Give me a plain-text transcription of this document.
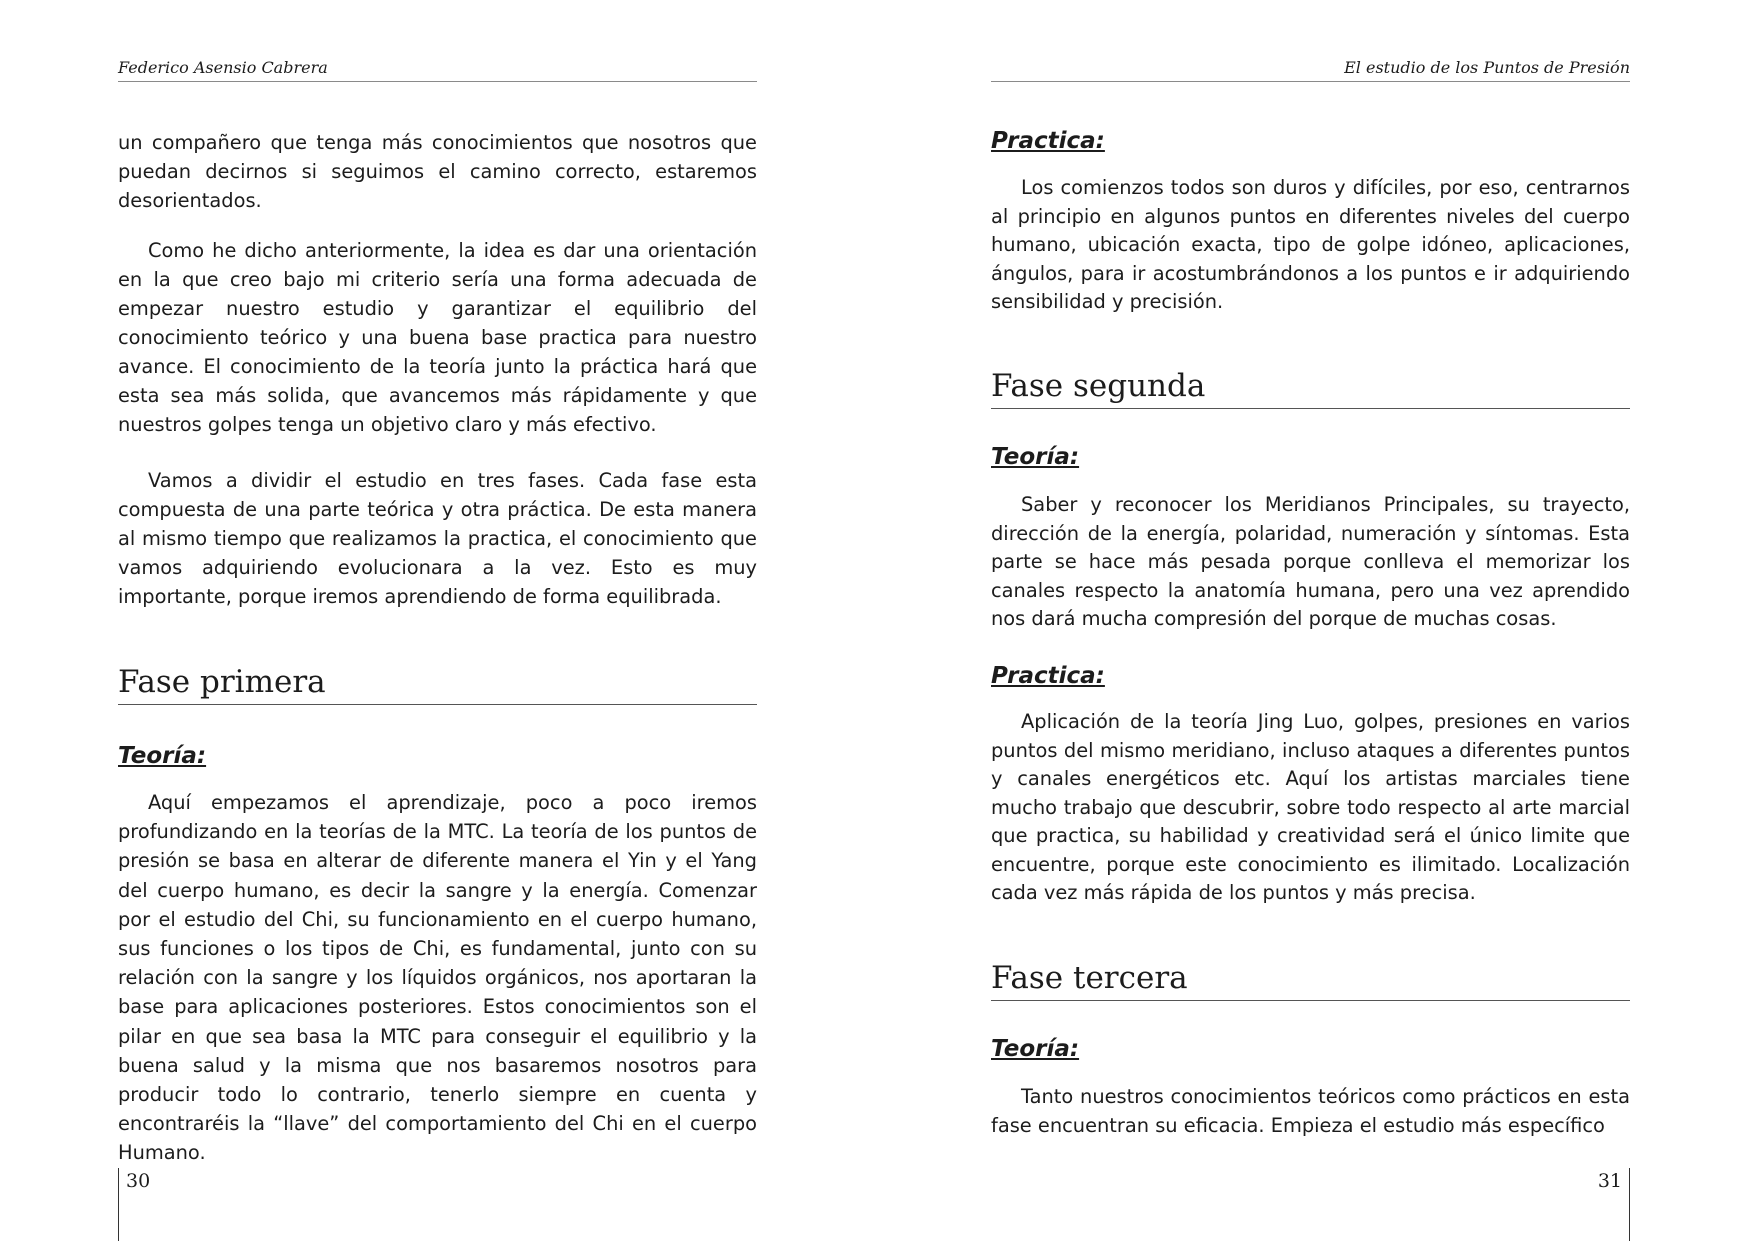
Federico Asensio Cabrera

un compañero que tenga más conocimientos que nosotros que puedan decirnos si seguimos el camino correcto, estaremos desorientados.

Como he dicho anteriormente, la idea es dar una orientación en la que creo bajo mi criterio sería una forma adecuada de empezar nuestro estudio y garantizar el equilibrio del conocimiento teórico y una buena base practica para nuestro avance. El conocimiento de la teoría junto la práctica hará que esta sea más solida, que avancemos más rápidamente y que nuestros golpes tenga un objetivo claro y más efectivo.

Vamos a dividir el estudio en tres fases. Cada fase esta compuesta de una parte teórica y otra práctica. De esta manera al mismo tiempo que realizamos la practica, el conocimiento que vamos adquiriendo evolucionara a la vez. Esto es muy importante, porque iremos aprendiendo de forma equilibrada.

Fase primera
Teoría:

Aquí empezamos el aprendizaje, poco a poco iremos profundizando en la teorías de la MTC. La teoría de los puntos de presión se basa en alterar de diferente manera el Yin y el Yang del cuerpo humano, es decir la sangre y la energía. Comenzar por el estudio del Chi, su funcionamiento en el cuerpo humano, sus funciones o los tipos de Chi, es fundamental, junto con su relación con la sangre y los líquidos orgánicos, nos aportaran la base para aplicaciones posteriores. Estos conocimientos son el pilar en que sea basa la MTC para conseguir el equilibrio y la buena salud y la misma que nos basaremos nosotros para producir todo lo contrario, tenerlo siempre en cuenta y encontraréis la “llave” del comportamiento del Chi en el cuerpo Humano.

30
El estudio de los Puntos de Presión
Practica:

Los comienzos todos son duros y difíciles, por eso, centrarnos al principio en algunos puntos en diferentes niveles del cuerpo humano, ubicación exacta, tipo de golpe idóneo, aplicaciones, ángulos, para ir acostumbrándonos a los puntos e ir adquiriendo sensibilidad y precisión.

Fase segunda
Teoría:

Saber y reconocer los Meridianos Principales, su trayecto, dirección de la energía, polaridad, numeración y síntomas. Esta parte se hace más pesada porque conlleva el memorizar los canales respecto la anatomía humana, pero una vez aprendido nos dará mucha compresión del porque de muchas cosas.

Practica:

Aplicación de la teoría Jing Luo, golpes, presiones en varios puntos del mismo meridiano, incluso ataques a diferentes puntos y canales energéticos etc. Aquí los artistas marciales tiene mucho trabajo que descubrir, sobre todo respecto al arte marcial que practica, su habilidad y creatividad será el único limite que encuentre, porque este conocimiento es ilimitado. Localización cada vez más rápida de los puntos y más precisa.

Fase tercera
Teoría:

Tanto nuestros conocimientos teóricos como prácticos en esta fase encuentran su eficacia. Empieza el estudio más específico

31
